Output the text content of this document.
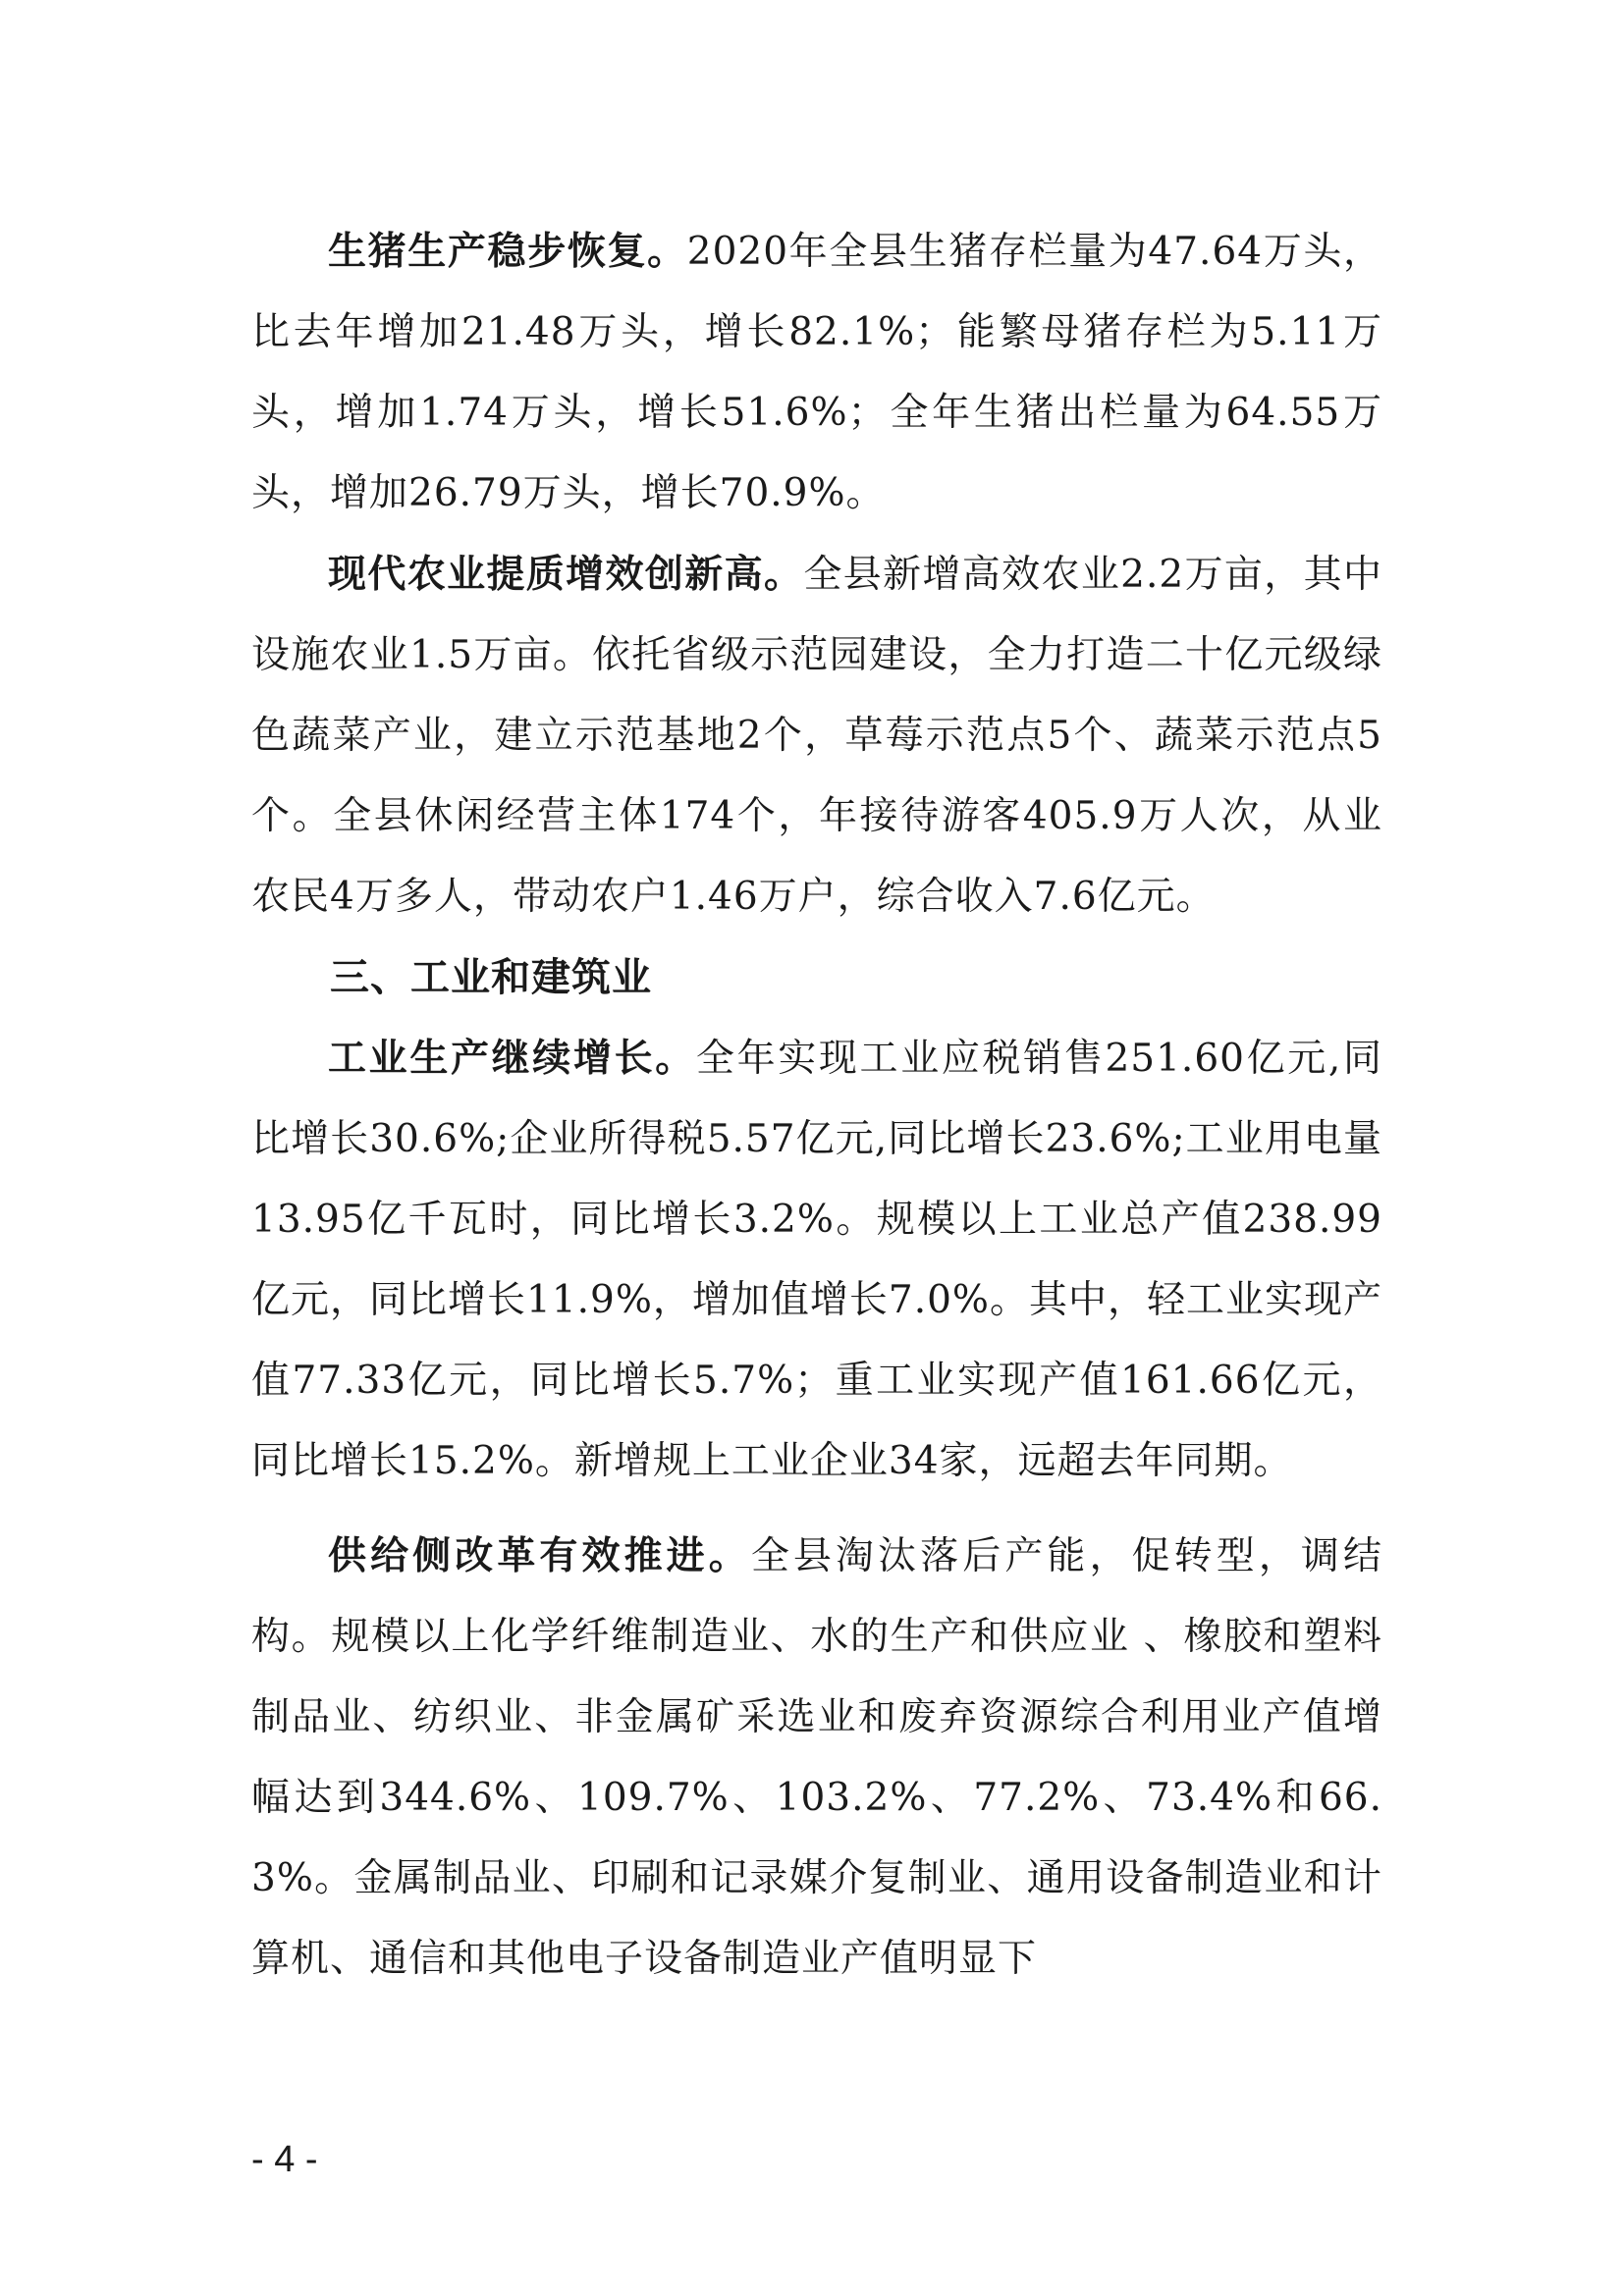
生猪生产稳步恢复。2020年全县生猪存栏量为47.64万头，比去年增加21.48万头，增长82.1%；能繁母猪存栏为5.11万头，增加1.74万头，增长51.6%；全年生猪出栏量为64.55万头，增加26.79万头，增长70.9%。

现代农业提质增效创新高。全县新增高效农业2.2万亩，其中设施农业1.5万亩。依托省级示范园建设，全力打造二十亿元级绿色蔬菜产业，建立示范基地2个，草莓示范点5个、蔬菜示范点5个。全县休闲经营主体174个，年接待游客405.9万人次，从业农民4万多人，带动农户1.46万户，综合收入7.6亿元。

三、工业和建筑业

工业生产继续增长。全年实现工业应税销售251.60亿元,同比增长30.6%;企业所得税5.57亿元,同比增长23.6%;工业用电量13.95亿千瓦时，同比增长3.2%。规模以上工业总产值238.99亿元，同比增长11.9%，增加值增长7.0%。其中，轻工业实现产值77.33亿元，同比增长5.7%；重工业实现产值161.66亿元，同比增长15.2%。新增规上工业企业34家，远超去年同期。

供给侧改革有效推进。全县淘汰落后产能，促转型，调结构。规模以上化学纤维制造业、水的生产和供应业 、橡胶和塑料制品业、纺织业、非金属矿采选业和废弃资源综合利用业产值增幅达到344.6%、109.7%、103.2%、77.2%、73.4%和66.3%。金属制品业、印刷和记录媒介复制业、通用设备制造业和计算机、通信和其他电子设备制造业产值明显下

- 4 -
